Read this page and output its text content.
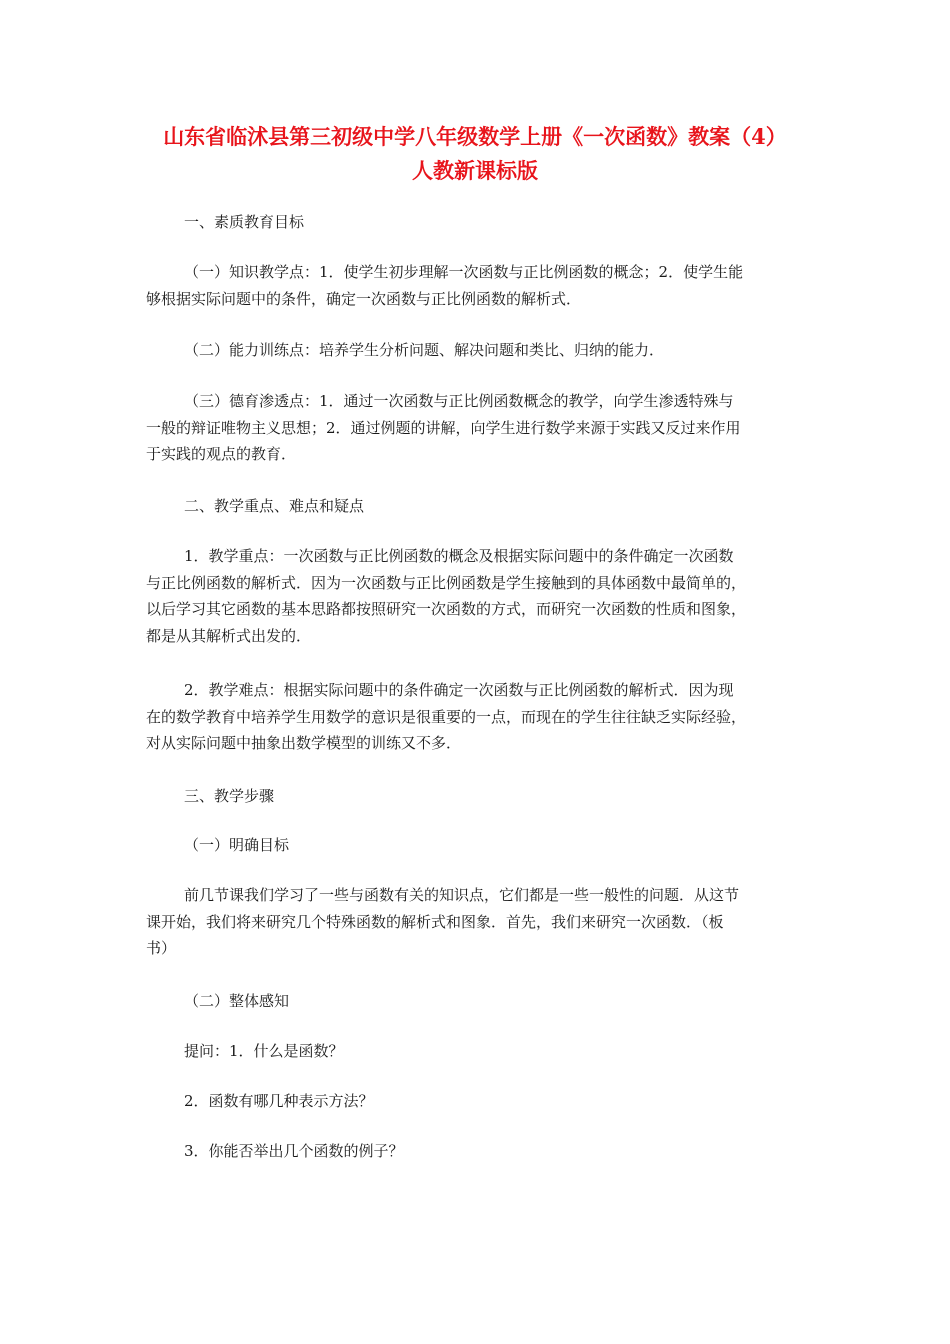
山东省临沭县第三初级中学八年级数学上册《一次函数》教案（4）
人教新课标版

一、素质教育目标

（一）知识教学点：1．使学生初步理解一次函数与正比例函数的概念；2．使学生能
够根据实际问题中的条件，确定一次函数与正比例函数的解析式．

（二）能力训练点：培养学生分析问题、解决问题和类比、归纳的能力．

（三）德育渗透点：1．通过一次函数与正比例函数概念的教学，向学生渗透特殊与
一般的辩证唯物主义思想；2．通过例题的讲解，向学生进行数学来源于实践又反过来作用
于实践的观点的教育．

二、教学重点、难点和疑点

1．教学重点：一次函数与正比例函数的概念及根据实际问题中的条件确定一次函数
与正比例函数的解析式．因为一次函数与正比例函数是学生接触到的具体函数中最简单的，
以后学习其它函数的基本思路都按照研究一次函数的方式，而研究一次函数的性质和图象，
都是从其解析式出发的．
2．教学难点：根据实际问题中的条件确定一次函数与正比例函数的解析式．因为现
在的数学教育中培养学生用数学的意识是很重要的一点，而现在的学生往往缺乏实际经验，
对从实际问题中抽象出数学模型的训练又不多．

三、教学步骤

（一）明确目标

前几节课我们学习了一些与函数有关的知识点，它们都是一些一般性的问题．从这节
课开始，我们将来研究几个特殊函数的解析式和图象．首先，我们来研究一次函数．（板
书）

（二）整体感知

提问：1．什么是函数？

2．函数有哪几种表示方法？

3．你能否举出几个函数的例子？
